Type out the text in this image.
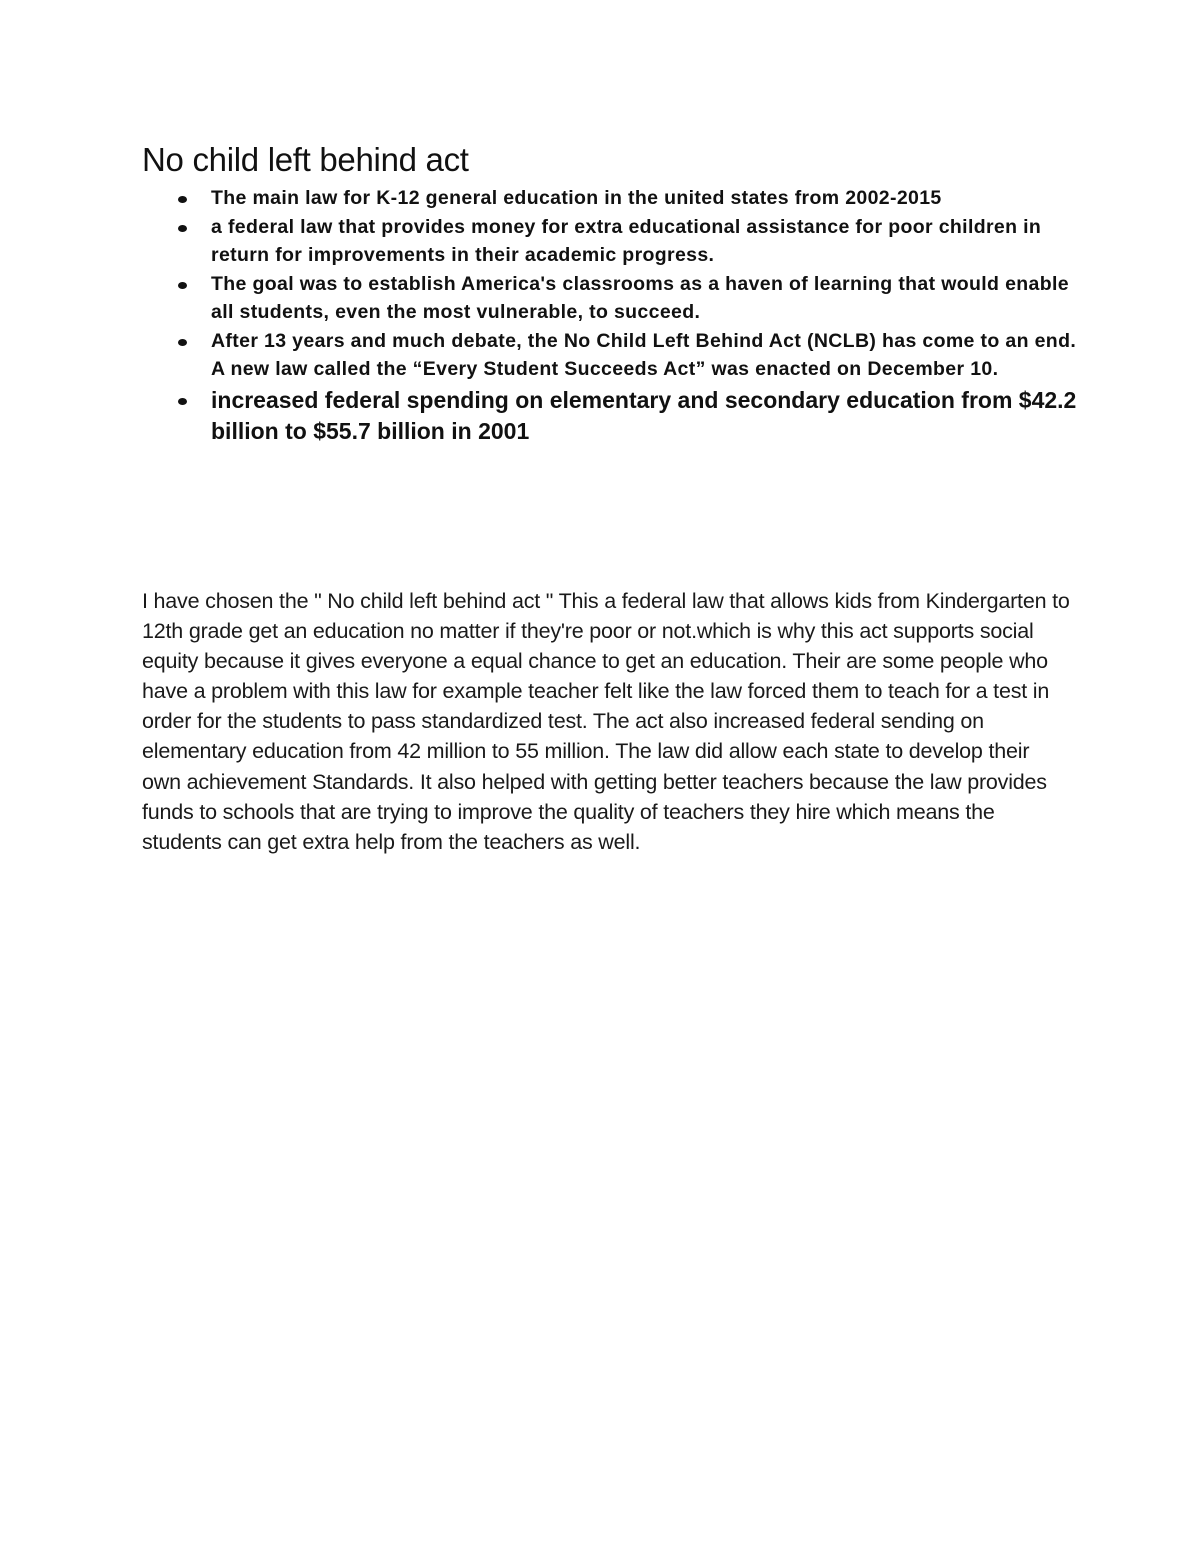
No child left behind act
The main law for K-12 general education in the united states from 2002-2015
a federal law that provides money for extra educational assistance for poor children in return for improvements in their academic progress.
The goal was to establish America's classrooms as a haven of learning that would enable all students, even the most vulnerable, to succeed.
After 13 years and much debate, the No Child Left Behind Act (NCLB) has come to an end. A new law called the “Every Student Succeeds Act” was enacted on December 10.
increased federal spending on elementary and secondary education from $42.2 billion to $55.7 billion in 2001

I have chosen the " No child left behind act " This a federal law that allows kids from Kindergarten to 12th grade get an education no matter if they're poor or not.which is why this act supports social equity because it gives everyone a equal chance to get an education. Their are some people who have a problem with this law for example teacher felt like the law forced them to teach for a test in order for the students to pass standardized test. The act also increased federal sending on elementary education from 42 million to 55 million. The law did allow each state to develop their own achievement Standards. It also helped with getting better teachers because the law provides funds to schools that are trying to improve the quality of teachers they hire which means the students can get extra help from the teachers as well.
